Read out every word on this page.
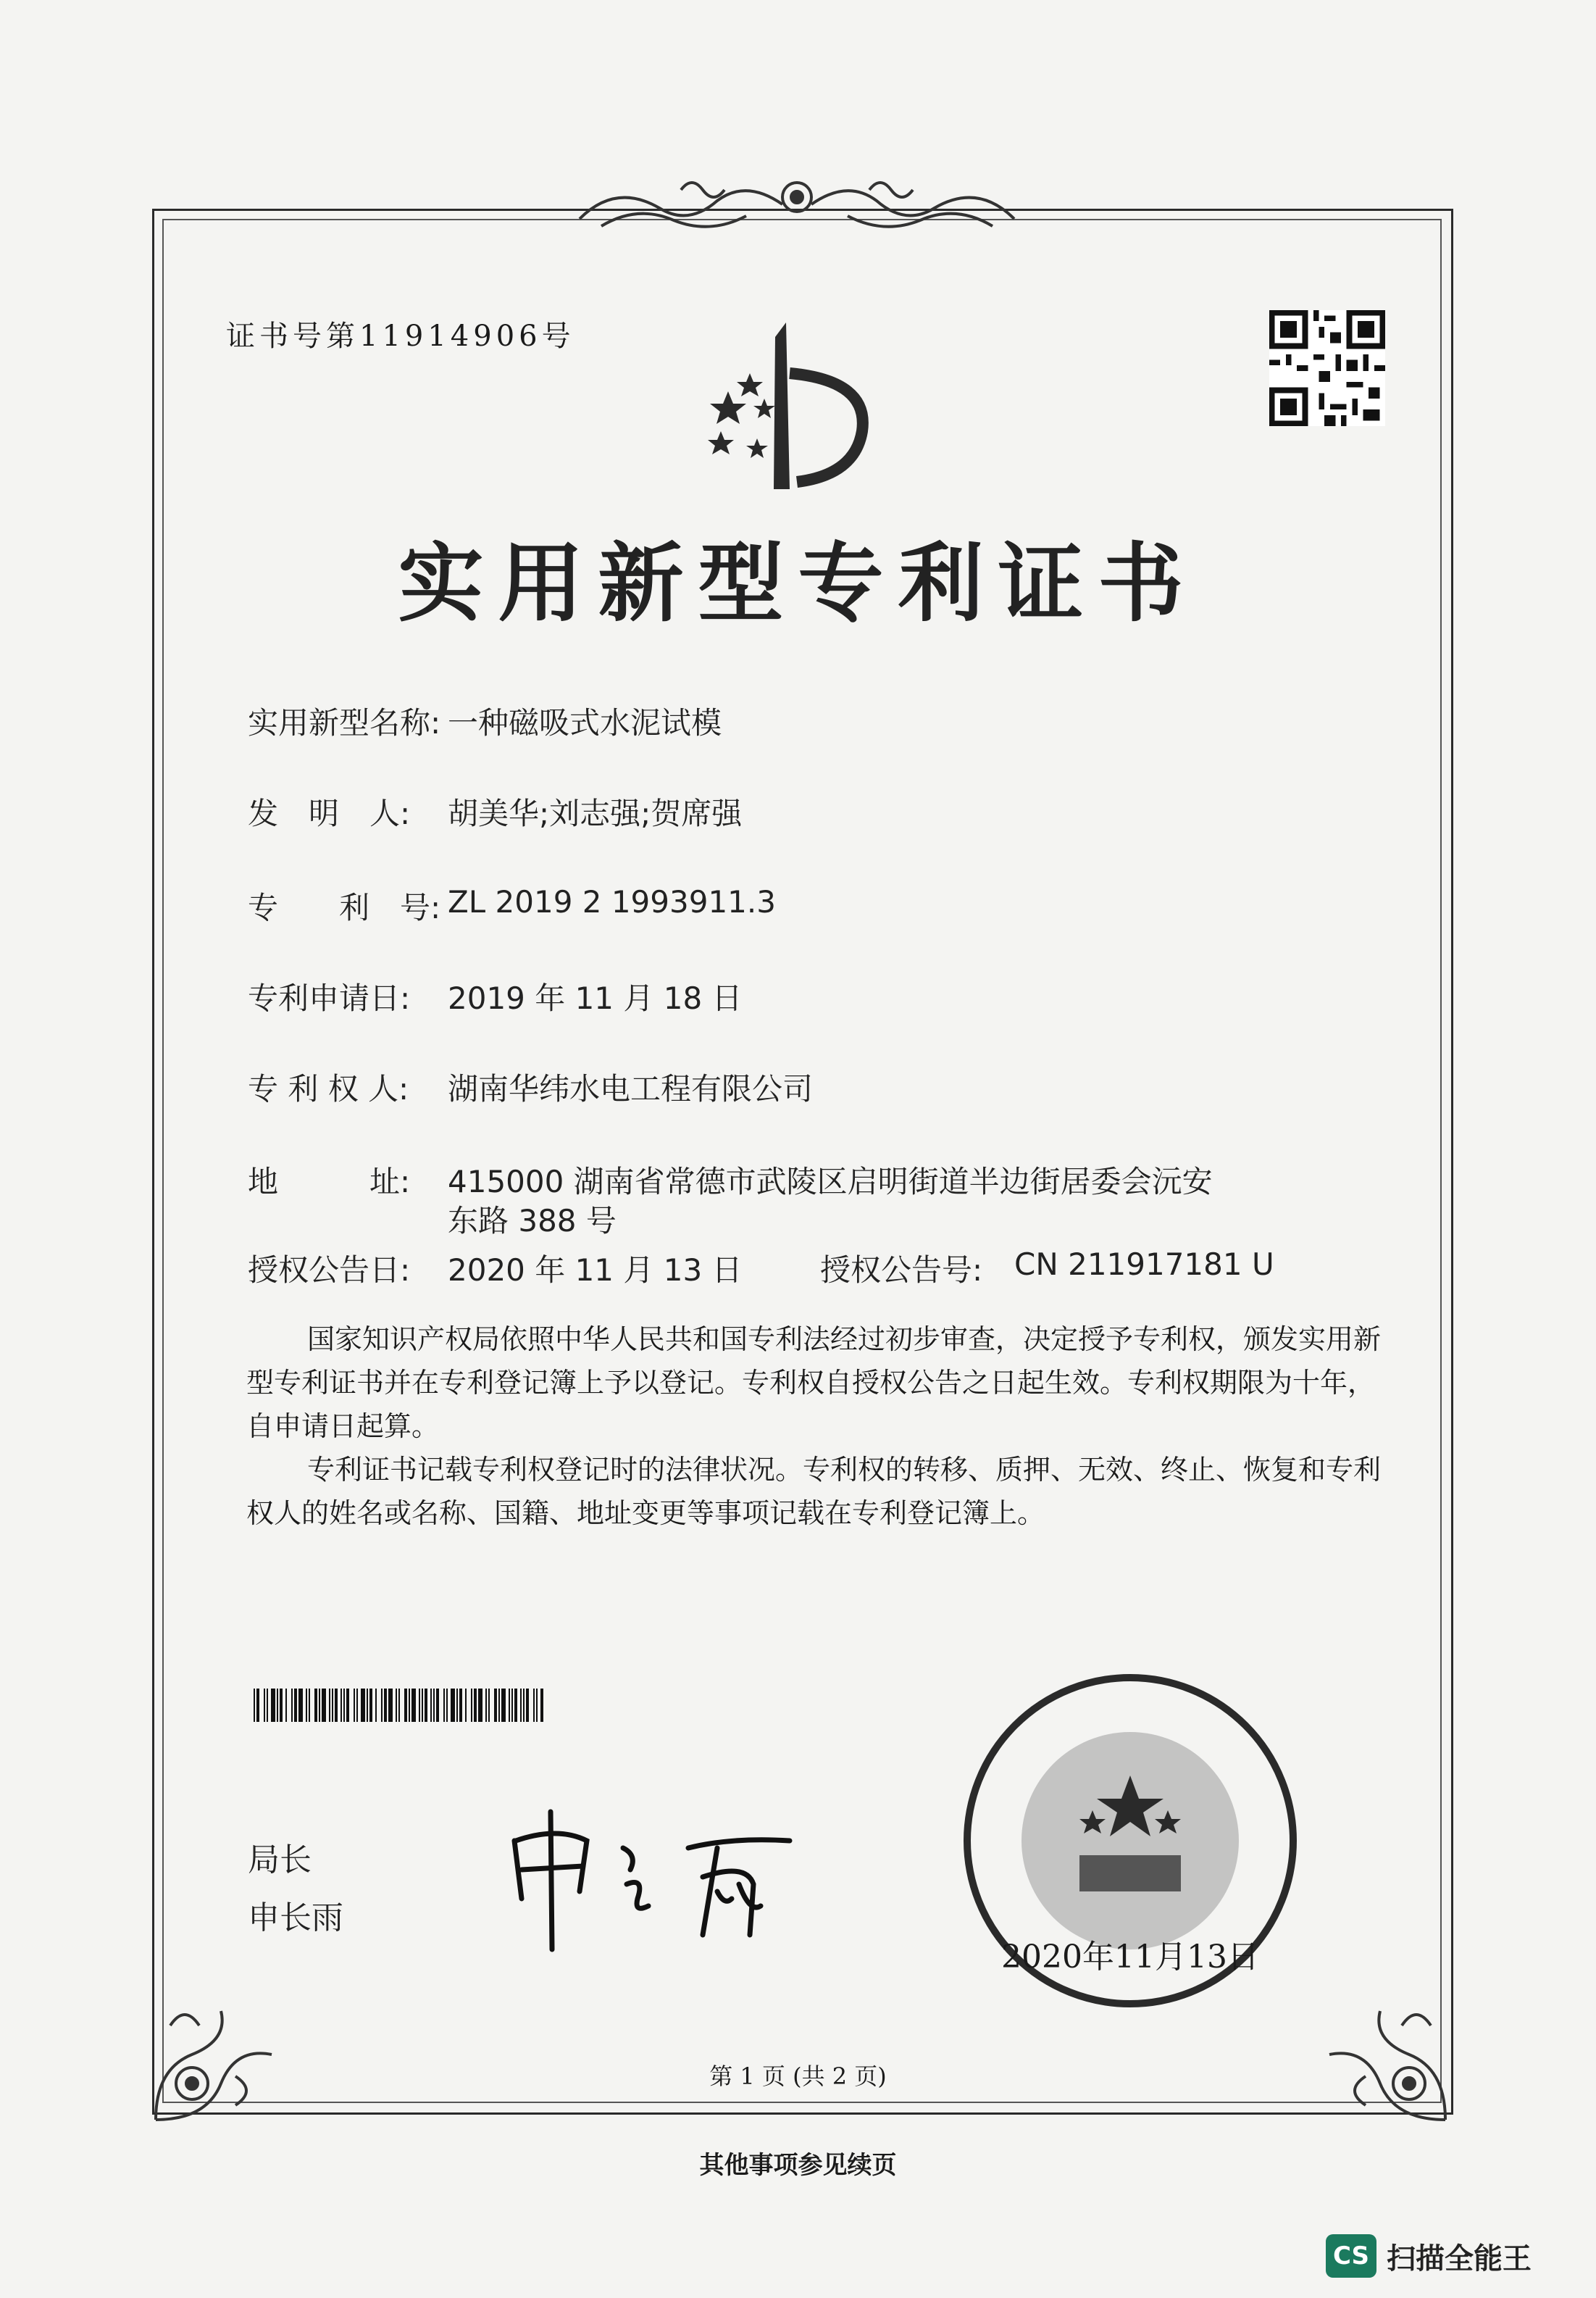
证书号第11914906号
实用新型专利证书
实用新型名称: 一种磁吸式水泥试模
发　明　人: 胡美华;刘志强;贺席强
专　　利　号: ZL 2019 2 1993911.3
专利申请日: 2019 年 11 月 18 日
专 利 权 人: 湖南华纬水电工程有限公司
地　　　址: 415000 湖南省常德市武陵区启明街道半边街居委会沅安
东路 388 号
授权公告日: 2020 年 11 月 13 日	授权公告号: CN 211917181 U
国家知识产权局依照中华人民共和国专利法经过初步审查，决定授予专利权，颁发实用新型专利证书并在专利登记簿上予以登记。专利权自授权公告之日起生效。专利权期限为十年，自申请日起算。
专利证书记载专利权登记时的法律状况。专利权的转移、质押、无效、终止、恢复和专利权人的姓名或名称、国籍、地址变更等事项记载在专利登记簿上。
局长
申长雨
2020年11月13日
第 1 页 (共 2 页)
其他事项参见续页
CS 扫描全能王
